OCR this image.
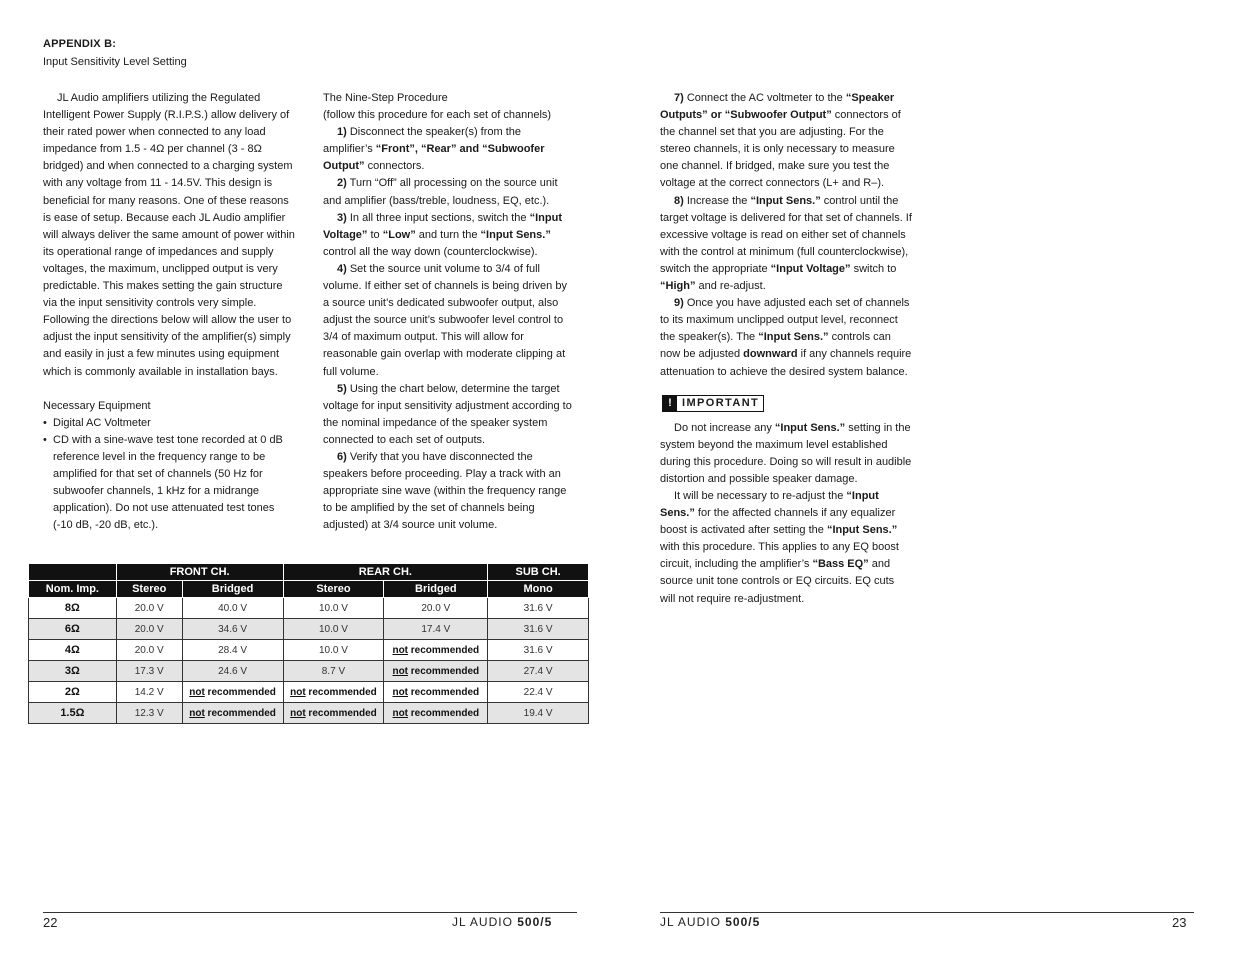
APPENDIX B:
Input Sensitivity Level Setting

JL Audio amplifiers utilizing the Regulated Intelligent Power Supply (R.I.P.S.) allow delivery of their rated power when connected to any load impedance from 1.5 - 4Ω per channel (3 - 8Ω bridged) and when connected to a charging system with any voltage from 11 - 14.5V. This design is beneficial for many reasons. One of these reasons is ease of setup. Because each JL Audio amplifier will always deliver the same amount of power within its operational range of impedances and supply voltages, the maximum, unclipped output is very predictable. This makes setting the gain structure via the input sensitivity controls very simple. Following the directions below will allow the user to adjust the input sensitivity of the amplifier(s) simply and easily in just a few minutes using equipment which is commonly available in installation bays.

Necessary Equipment

• Digital AC Voltmeter
• CD with a sine-wave test tone recorded at 0 dB reference level in the frequency range to be amplified for that set of channels (50 Hz for subwoofer channels, 1 kHz for a midrange application). Do not use attenuated test tones (-10 dB, -20 dB, etc.).

The Nine-Step Procedure

(follow this procedure for each set of channels)

1) Disconnect the speaker(s) from the amplifier’s “Front”, “Rear” and “Subwoofer Output” connectors.

2) Turn “Off” all processing on the source unit and amplifier (bass/treble, loudness, EQ, etc.).

3) In all three input sections, switch the “Input Voltage” to “Low” and turn the “Input Sens.” control all the way down (counterclockwise).

4) Set the source unit volume to 3/4 of full volume. If either set of channels is being driven by a source unit’s dedicated subwoofer output, also adjust the source unit’s subwoofer level control to 3/4 of maximum output. This will allow for reasonable gain overlap with moderate clipping at full volume.

5) Using the chart below, determine the target voltage for input sensitivity adjustment according to the nominal impedance of the speaker system connected to each set of outputs.

6) Verify that you have disconnected the speakers before proceeding. Play a track with an appropriate sine wave (within the frequency range to be amplified by the set of channels being adjusted) at 3/4 source unit volume.

7) Connect the AC voltmeter to the “Speaker Outputs” or “Subwoofer Output” connectors of the channel set that you are adjusting. For the stereo channels, it is only necessary to measure one channel. If bridged, make sure you test the voltage at the correct connectors (L+ and R–).

8) Increase the “Input Sens.” control until the target voltage is delivered for that set of channels. If excessive voltage is read on either set of channels with the control at minimum (full counterclockwise), switch the appropriate “Input Voltage” switch to “High” and re-adjust.

9) Once you have adjusted each set of channels to its maximum unclipped output level, reconnect the speaker(s). The “Input Sens.” controls can now be adjusted downward if any channels require attenuation to achieve the desired system balance.

! IMPORTANT

Do not increase any “Input Sens.” setting in the system beyond the maximum level established during this procedure. Doing so will result in audible distortion and possible speaker damage.

It will be necessary to re-adjust the “Input Sens.” for the affected channels if any equalizer boost is activated after setting the “Input Sens.” with this procedure. This applies to any EQ boost circuit, including the amplifier’s “Bass EQ” and source unit tone controls or EQ circuits. EQ cuts will not require re-adjustment.

	FRONT CH.		REAR CH.		SUB CH.
Nom. Imp.	Stereo	Bridged	Stereo	Bridged	Mono
8Ω	20.0 V	40.0 V	10.0 V	20.0 V	31.6 V
6Ω	20.0 V	34.6 V	10.0 V	17.4 V	31.6 V
4Ω	20.0 V	28.4 V	10.0 V	not recommended	31.6 V
3Ω	17.3 V	24.6 V	8.7 V	not recommended	27.4 V
2Ω	14.2 V	not recommended	not recommended	not recommended	22.4 V
1.5Ω	12.3 V	not recommended	not recommended	not recommended	19.4 V
22	JL AUDIO 500/5	JL AUDIO 500/5	23
